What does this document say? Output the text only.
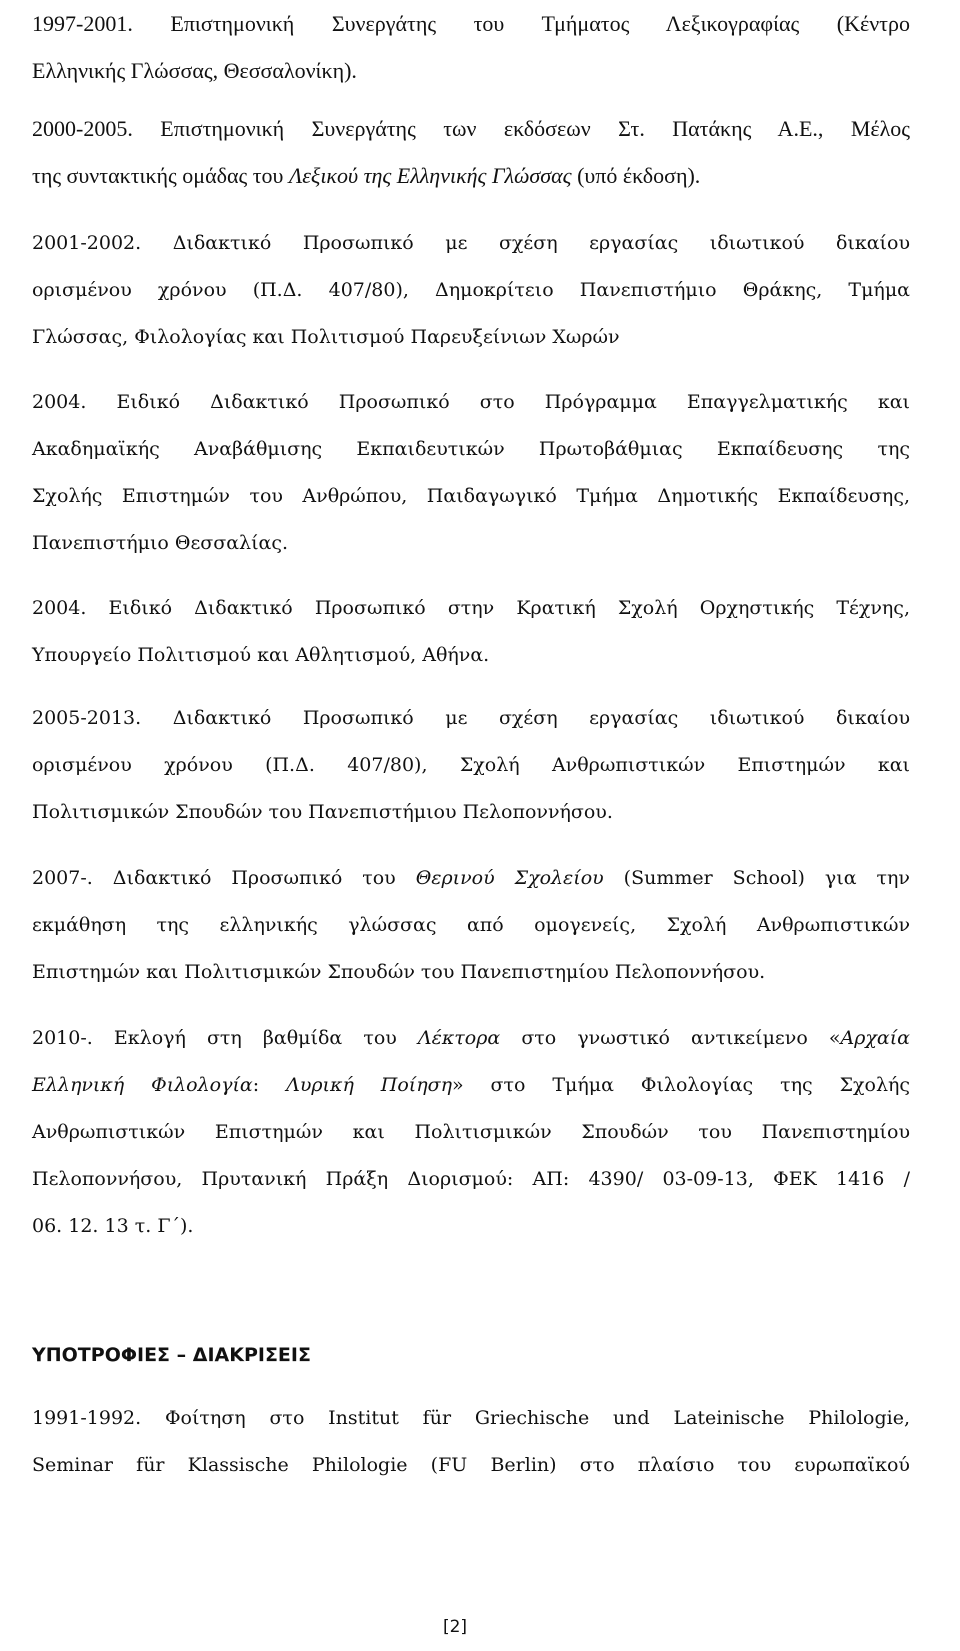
1997-2001. Επιστημονική Συνεργάτης του Τμήματος Λεξικογραφίας (Κέντρο
Ελληνικής Γλώσσας, Θεσσαλονίκη).

2000-2005. Επιστημονική Συνεργάτης των εκδόσεων Στ. Πατάκης Α.Ε., Μέλος
της συντακτικής ομάδας του Λεξικού της Ελληνικής Γλώσσας (υπό έκδοση).

2001-2002. Διδακτικό Προσωπικό με σχέση εργασίας ιδιωτικού δικαίου
ορισμένου χρόνου (Π.Δ. 407/80), Δημοκρίτειο Πανεπιστήμιο Θράκης, Τμήμα
Γλώσσας, Φιλολογίας και Πολιτισμού Παρευξείνιων Χωρών

2004. Ειδικό Διδακτικό Προσωπικό στο Πρόγραμμα Επαγγελματικής και
Ακαδημαϊκής Αναβάθμισης Εκπαιδευτικών Πρωτοβάθμιας Εκπαίδευσης της
Σχολής Επιστημών του Ανθρώπου, Παιδαγωγικό Τμήμα Δημοτικής Εκπαίδευσης,
Πανεπιστήμιο Θεσσαλίας.

2004. Ειδικό Διδακτικό Προσωπικό στην Κρατική Σχολή Ορχηστικής Τέχνης,
Υπουργείο Πολιτισμού και Αθλητισμού, Αθήνα.

2005-2013. Διδακτικό Προσωπικό με σχέση εργασίας ιδιωτικού δικαίου
ορισμένου χρόνου (Π.Δ. 407/80), Σχολή Ανθρωπιστικών Επιστημών και
Πολιτισμικών Σπουδών του Πανεπιστήμιου Πελοποννήσου.

2007-. Διδακτικό Προσωπικό του Θερινού Σχολείου (Summer School) για την
εκμάθηση της ελληνικής γλώσσας από ομογενείς, Σχολή Ανθρωπιστικών
Επιστημών και Πολιτισμικών Σπουδών του Πανεπιστημίου Πελοποννήσου.

2010-. Εκλογή στη βαθμίδα του Λέκτορα στο γνωστικό αντικείμενο «Αρχαία
Ελληνική Φιλολογία: Λυρική Ποίηση» στο Τμήμα Φιλολογίας της Σχολής
Ανθρωπιστικών Επιστημών και Πολιτισμικών Σπουδών του Πανεπιστημίου
Πελοποννήσου, Πρυτανική Πράξη Διορισμού: ΑΠ: 4390/ 03-09-13, ΦΕΚ 1416 /
06. 12. 13 τ. Γ΄).

ΥΠΟΤΡΟΦΙΕΣ – ΔΙΑΚΡΙΣΕΙΣ

1991-1992. Φοίτηση στο Institut für Griechische und Lateinische Philologie,
Seminar für Klassische Philologie (FU Berlin) στο πλαίσιο του ευρωπαϊκού

[2]
